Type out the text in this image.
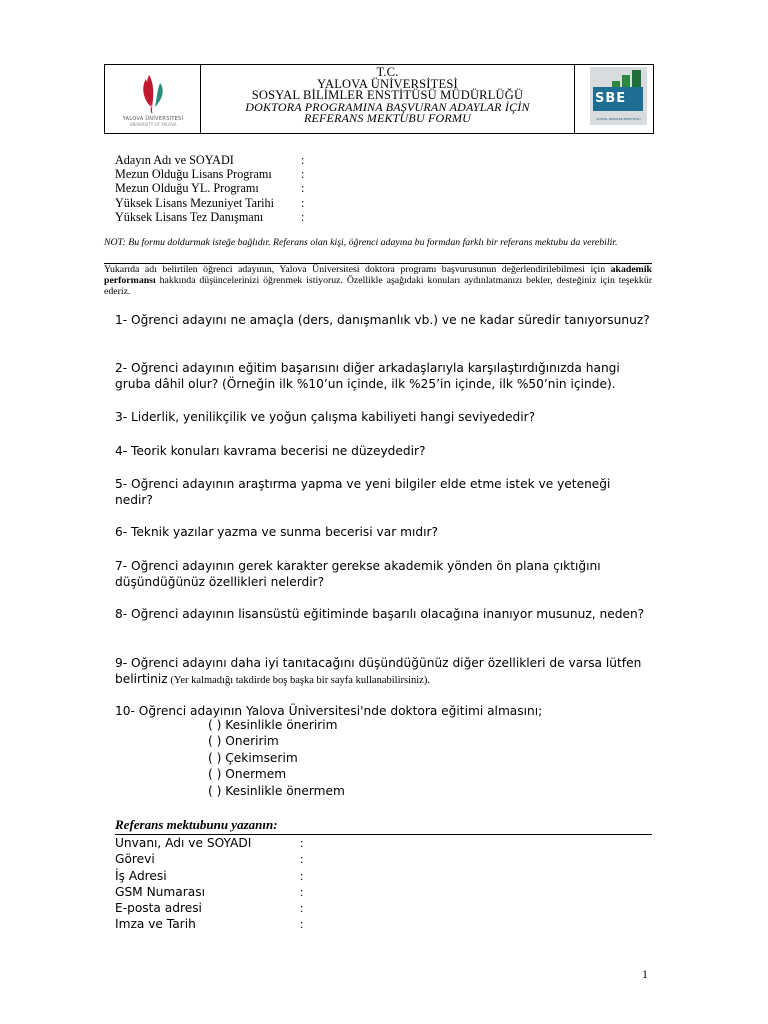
YALOVA ÜNİVERSİTESİ
UNIVERSITY OF YALOVA
T.C.
YALOVA ÜNİVERSİTESİ
SOSYAL BİLİMLER ENSTİTÜSÜ MÜDÜRLÜĞÜ
DOKTORA PROGRAMINA BAŞVURAN ADAYLAR İÇİN
REFERANS MEKTUBU FORMU
SBE
SOSYAL BİLİMLER ENSTİTÜSÜ
Adayın Adı ve SOYADI	:
Mezun Olduğu Lisans Programı :
Mezun Olduğu YL. Programı	:
Yüksek Lisans Mezuniyet Tarihi :
Yüksek Lisans Tez Danışmanı	:
NOT: Bu formu doldurmak isteğe bağlıdır. Referans olan kişi, öğrenci adayına bu formdan farklı bir referans mektubu da verebilir.
Yukarıda adı belirtilen öğrenci adayının, Yalova Üniversitesi doktora programı başvurusunun değerlendirilebilmesi için akademik performansı hakkında düşüncelerinizi öğrenmek istiyoruz. Özellikle aşağıdaki konuları aydınlatmanızı bekler, desteğiniz için teşekkür ederiz.
1- Oğrenci adayını ne amaçla (ders, danışmanlık vb.) ve ne kadar süredir tanıyorsunuz?
2- Oğrenci adayının eğitim başarısını diğer arkadaşlarıyla karşılaştırdığınızda hangi gruba dâhil olur? (Örneğin ilk %10’un içinde, ilk %25’in içinde, ilk %50’nin içinde).
3- Liderlik, yenilikçilik ve yoğun çalışma kabiliyeti hangi seviyededir?
4- Teorik konuları kavrama becerisi ne düzeydedir?
5- Oğrenci adayının araştırma yapma ve yeni bilgiler elde etme istek ve yeteneği nedir?
6- Teknik yazılar yazma ve sunma becerisi var mıdır?
7- Oğrenci adayının gerek karakter gerekse akademik yönden ön plana çıktığını düşündüğünüz özellikleri nelerdir?
8- Oğrenci adayının lisansüstü eğitiminde başarılı olacağına inanıyor musunuz, neden?
9- Oğrenci adayını daha iyi tanıtacağını düşündüğünüz diğer özellikleri de varsa lütfen belirtiniz (Yer kalmadığı takdirde boş başka bir sayfa kullanabilirsiniz).
10- Oğrenci adayının Yalova Üniversitesi'nde doktora eğitimi almasını;
( ) Kesinlikle öneririm
( ) Oneririm
( ) Çekimserim
( ) Onermem
( ) Kesinlikle önermem
Referans mektubunu yazanın:
Unvanı, Adı ve SOYADI	:
Görevi	:
İş Adresi	:
GSM Numarası	:
E-posta adresi	:
Imza ve Tarih	:
1
